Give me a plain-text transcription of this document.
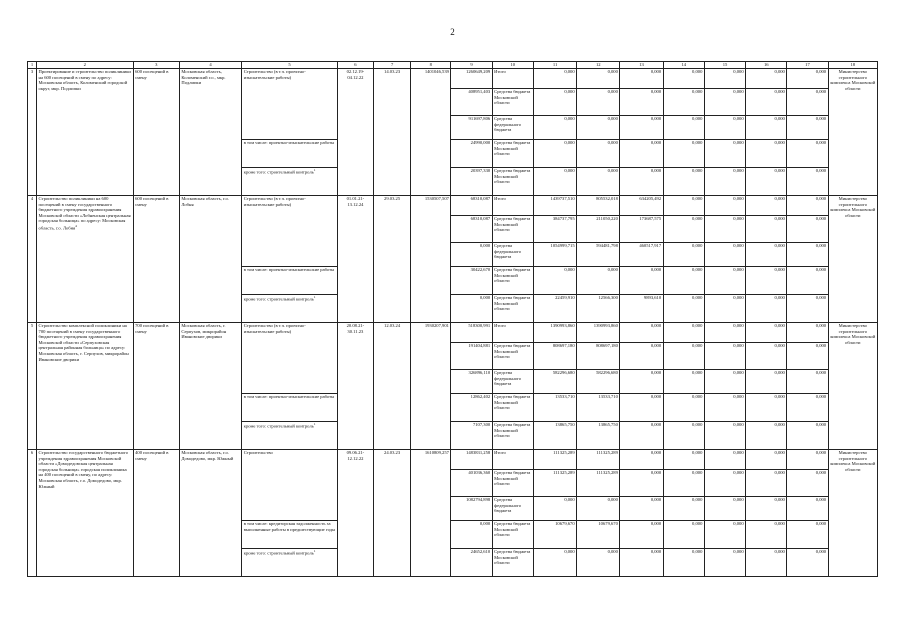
2
1	2	3	4	5	6	7	8	9	10	11	12	13	14	15	16	17	18
3	Проектирование и строительство поликлиники на 600 посещений в смену по адресу: Московская область, Коломенский городской округ, мкр. Подлипки	600 посещений в смену	Московская область, Коломенский г.о., мкр. Подлипки	Строительство (в т.ч. проектно-изыскательские работы)	02.12.19-04.12.22	14.03.23	1401046,539	1260649,209	Итого	0,000	0,000	0,000	0,000	0,000	0,000	0,000	Министерство строительного комплекса Московской области
								408951,403	Средства бюджета Московской области	0,000	0,000	0,000	0,000	0,000	0,000	0,000	
								911697,806	Средства федерального бюджета	0,000	0,000	0,000	0,000	0,000	0,000	0,000	
				в том числе: проектно-изыскательские работы				24990,000	Средства бюджета Московской области	0,000	0,000	0,000	0,000	0,000	0,000	0,000	
				кроме того: строительный контроль$^1$				20397,330	Средства бюджета Московской области	0,000	0,000	0,000	0,000	0,000	0,000	0,000	
4	Строительство поликлиники на 600 посещений в смену государственного бюджетного учреждения здравоохранения Московской области «Лобненская центральная городская больница» по адресу: Московская область, г.о. Лобня$^4$	600 посещений в смену	Московская область, г.о. Лобня	Строительство (в т.ч. проектно-изыскательские работы)	01.01.21-13.12.24	29.03.25	1530507,507	68310,087	Итого	1439737,510	805532,018	634205,492	0,000	0,000	0,000	0,000	Министерство строительного комплекса Московской области
								68310,087	Средства бюджета Московской области	384737,795	211050,220	173687,575	0,000	0,000	0,000	0,000	
								0,000	Средства федерального бюджета	1054999,715	594481,798	460517,917	0,000	0,000	0,000	0,000	
				в том числе: проектно-изыскательские работы				30422,670	Средства бюджета Московской области	0,000	0,000	0,000	0,000	0,000	0,000	0,000	
				кроме того: строительный контроль$^1$				0,000	Средства бюджета Московской области	22459,910	12566,300	9893,610	0,000	0,000	0,000	0,000	
5	Строительство комплексной поликлиники на 700 посещений в смену государственного бюджетного учреждения здравоохранения Московской области «Серпуховская центральная районная больница» по адресу: Московская область, г. Серпухов, микрорайон Ивановские дворики	700 посещений в смену	Московская область, г. Серпухов, микрорайон Ивановские дворики	Строительство (в т.ч. проектно-изыскательские работы)	20.08.21-30.11.23	12.03.24	1930207,901	518300,991	Итого	1390993,860	1390993,860	0,000	0,000	0,000	0,000	0,000	Министерство строительного комплекса Московской области
								191404,881	Средства бюджета Московской области	808697,180	808697,180	0,000	0,000	0,000	0,000	0,000	
								326896,110	Средства федерального бюджета	582296,680	582296,680	0,000	0,000	0,000	0,000	0,000	
				в том числе: проектно-изыскательские работы				12862,402	Средства бюджета Московской области	13533,710	13533,710	0,000	0,000	0,000	0,000	0,000	
				кроме того: строительный контроль$^1$				7107,300	Средства бюджета Московской области	13865,750	13865,750	0,000	0,000	0,000	0,000	0,000	
6	Строительство государственного бюджетного учреждения здравоохранения Московской области «Домодедовская центральная городская больница» городская поликлиника на 400 посещений в смену, по адресу: Московская область, г.о. Домодедово, мкр. Южный	400 посещений в смену	Московская область, г.о. Домодедово, мкр. Южный	Строительство	09.06.21-12.12.22	24.03.23	1610809,257	1483831,258	Итого	111325,289	111325,289	0,000	0,000	0,000	0,000	0,000	Министерство строительного комплекса Московской области
								401036,360	Средства бюджета Московской области	111325,289	111325,289	0,000	0,000	0,000	0,000	0,000	
								1082794,898	Средства федерального бюджета	0,000	0,000	0,000	0,000	0,000	0,000	0,000	
				в том числе: кредиторская задолженность за выполненные работы в предшествующие годы				0,000	Средства бюджета Московской области	10679,670	10679,670	0,000	0,000	0,000	0,000	0,000	
				кроме того: строительный контроль$^1$				24652,610	Средства бюджета Московской области	0,000	0,000	0,000	0,000	0,000	0,000	0,000	
